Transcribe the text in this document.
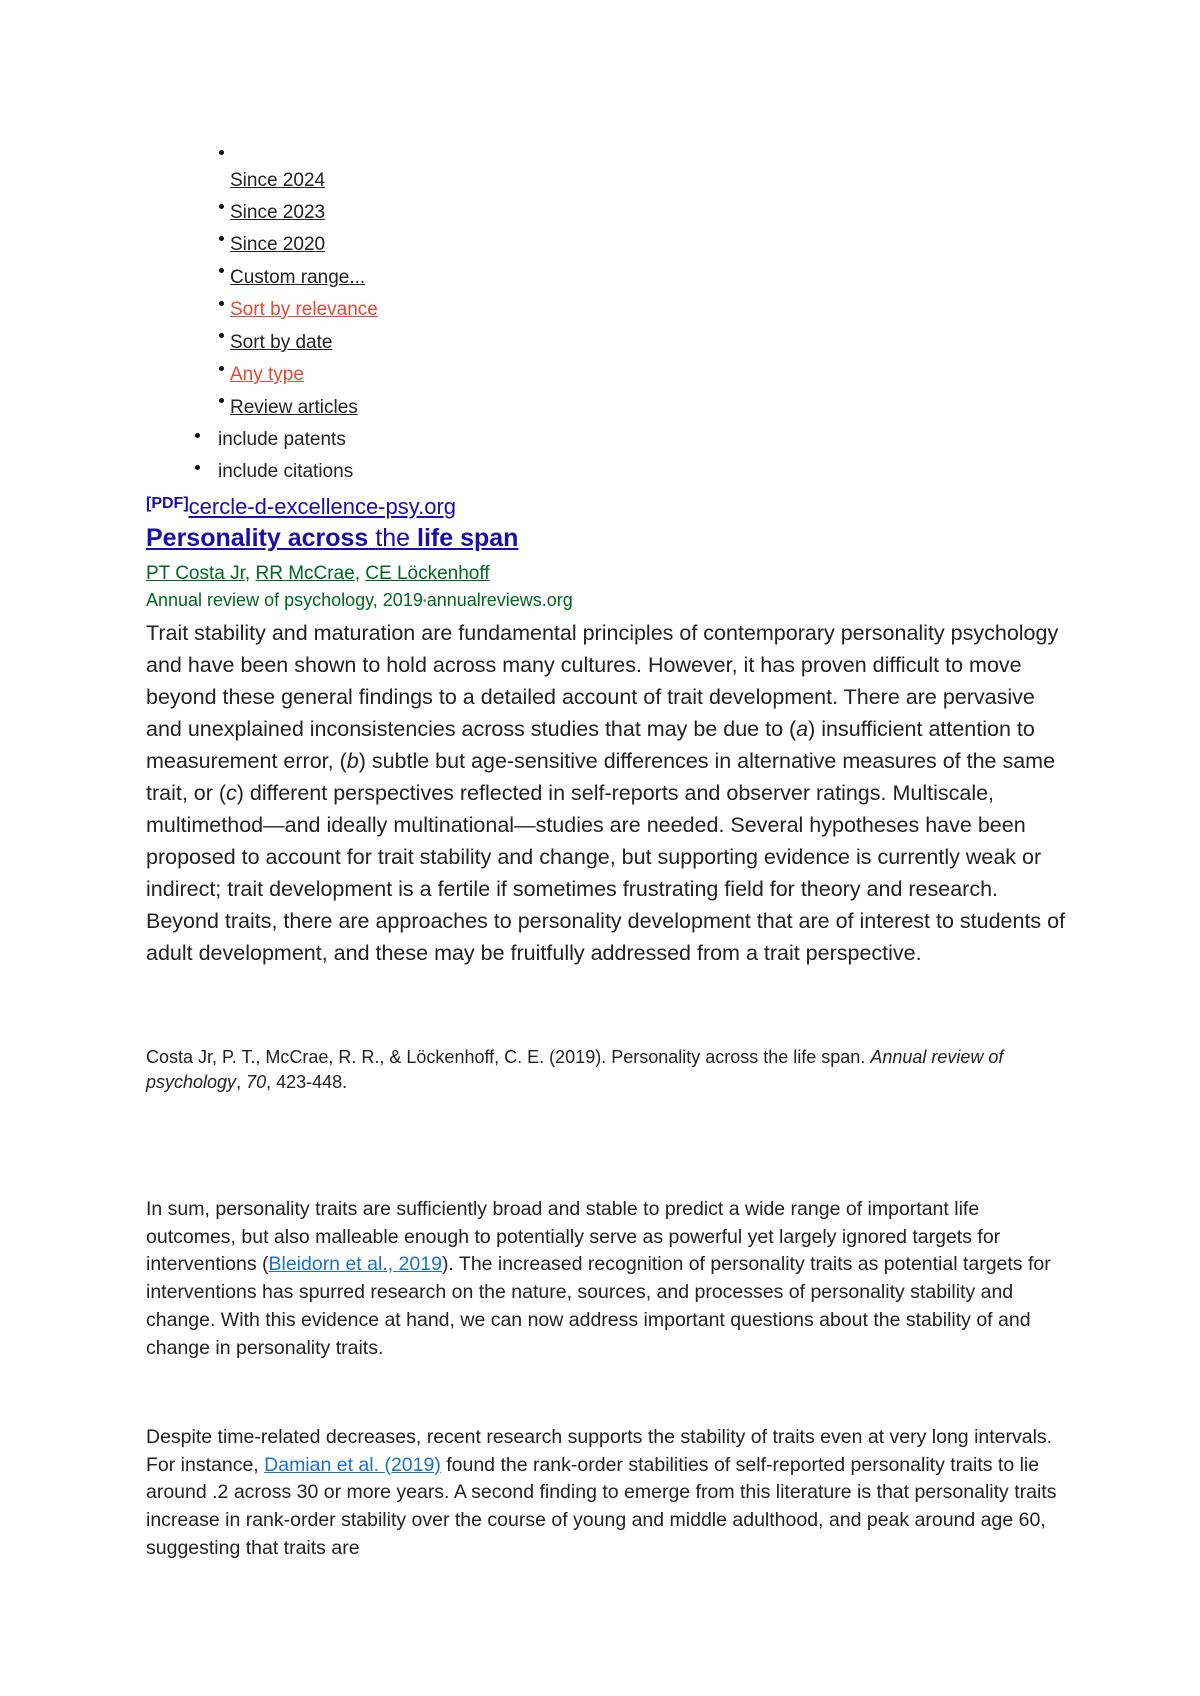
Since 2024
Since 2023
Since 2020
Custom range...
Sort by relevance
Sort by date
Any type
Review articles
include patents
include citations
[PDF]cercle-d-excellence-psy.org
Personality across the life span
PT Costa Jr, RR McCrae, CE Löckenhoff
Annual review of psychology, 2019•annualreviews.org
Trait stability and maturation are fundamental principles of contemporary personality psychology and have been shown to hold across many cultures. However, it has proven difficult to move beyond these general findings to a detailed account of trait development. There are pervasive and unexplained inconsistencies across studies that may be due to (a) insufficient attention to measurement error, (b) subtle but age-sensitive differences in alternative measures of the same trait, or (c) different perspectives reflected in self-reports and observer ratings. Multiscale, multimethod—and ideally multinational—studies are needed. Several hypotheses have been proposed to account for trait stability and change, but supporting evidence is currently weak or indirect; trait development is a fertile if sometimes frustrating field for theory and research. Beyond traits, there are approaches to personality development that are of interest to students of adult development, and these may be fruitfully addressed from a trait perspective.
Costa Jr, P. T., McCrae, R. R., & Löckenhoff, C. E. (2019). Personality across the life span. Annual review of psychology, 70, 423-448.
In sum, personality traits are sufficiently broad and stable to predict a wide range of important life outcomes, but also malleable enough to potentially serve as powerful yet largely ignored targets for interventions (Bleidorn et al., 2019). The increased recognition of personality traits as potential targets for interventions has spurred research on the nature, sources, and processes of personality stability and change. With this evidence at hand, we can now address important questions about the stability of and change in personality traits.
Despite time-related decreases, recent research supports the stability of traits even at very long intervals. For instance, Damian et al. (2019) found the rank-order stabilities of self-reported personality traits to lie around .2 across 30 or more years. A second finding to emerge from this literature is that personality traits increase in rank-order stability over the course of young and middle adulthood, and peak around age 60, suggesting that traits are
